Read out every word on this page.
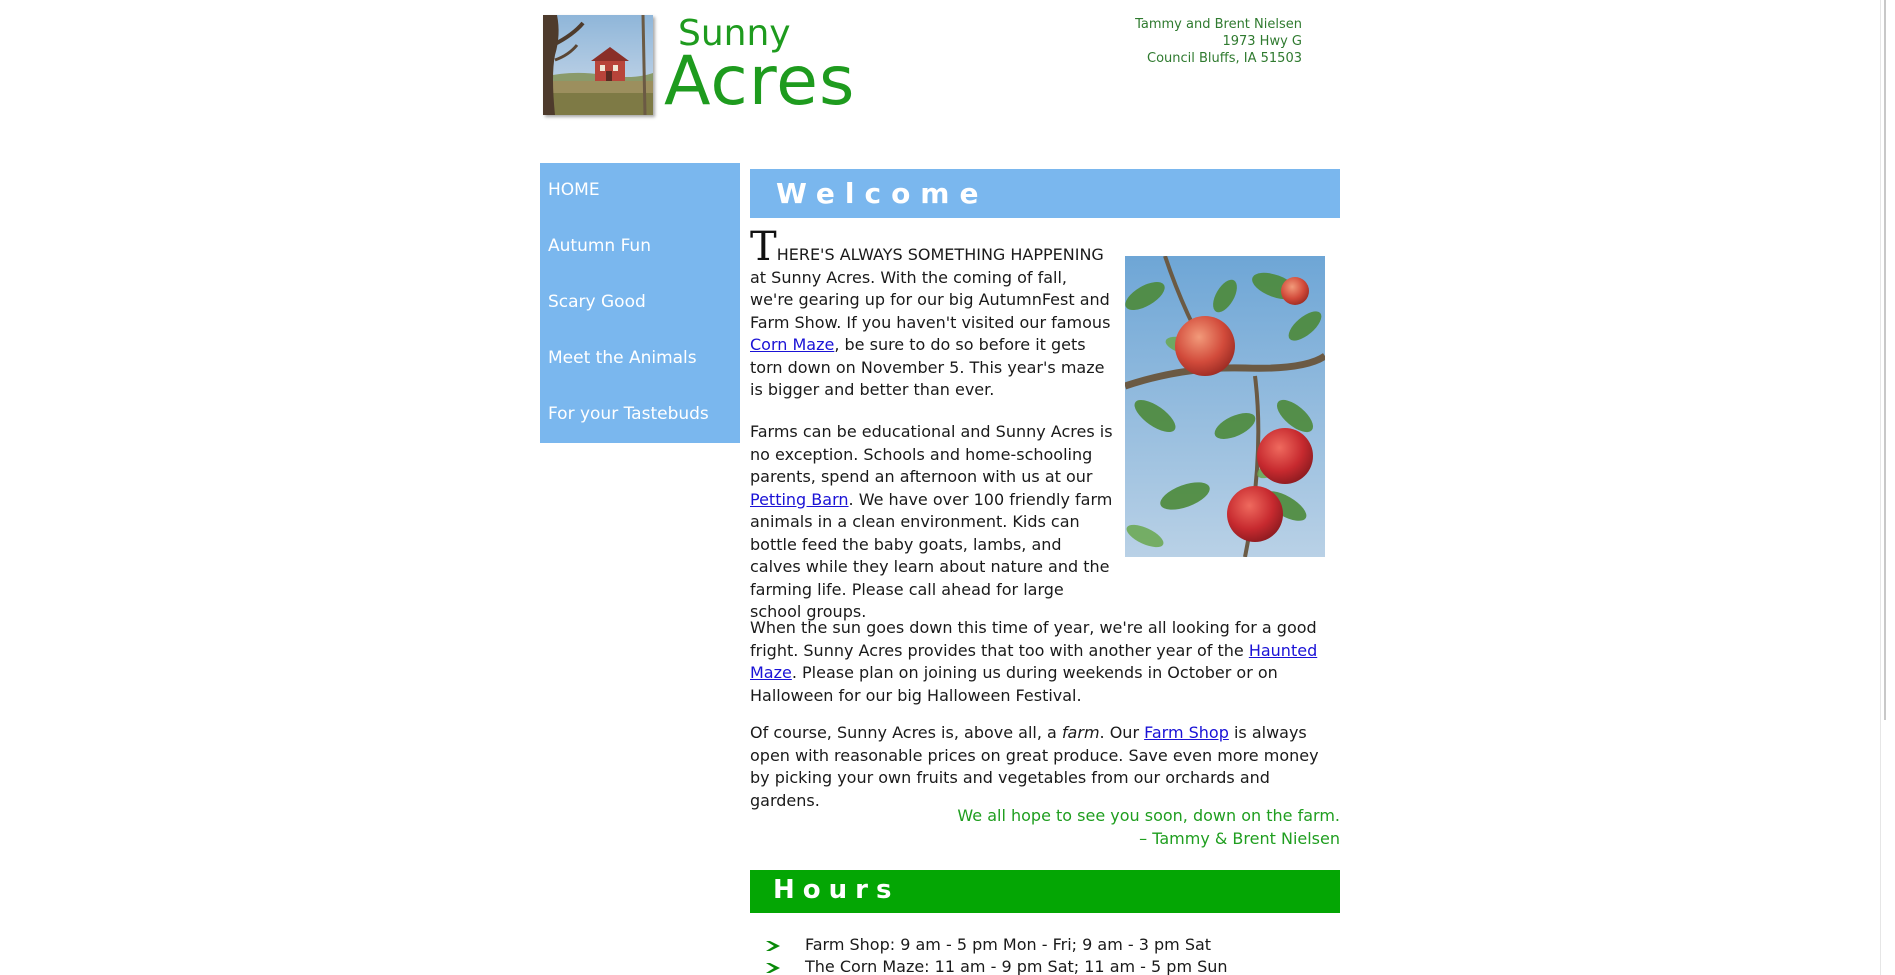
Sunny
Acres
Tammy and Brent Nielsen
1973 Hwy G
Council Bluffs, IA 51503
HOME
Autumn Fun
Scary Good
Meet the Animals
For your Tastebuds
Welcome
THERE'S ALWAYS SOMETHING HAPPENING at Sunny Acres. With the coming of fall, we're gearing up for our big AutumnFest and Farm Show. If you haven't visited our famous Corn Maze, be sure to do so before it gets torn down on November 5. This year's maze is bigger and better than ever.
Farms can be educational and Sunny Acres is no exception. Schools and home-schooling parents, spend an afternoon with us at our Petting Barn. We have over 100 friendly farm animals in a clean environment. Kids can bottle feed the baby goats, lambs, and calves while they learn about nature and the farming life. Please call ahead for large school groups.
When the sun goes down this time of year, we're all looking for a good fright. Sunny Acres provides that too with another year of the Haunted Maze. Please plan on joining us during weekends in October or on Halloween for our big Halloween Festival.
Of course, Sunny Acres is, above all, a farm. Our Farm Shop is always open with reasonable prices on great produce. Save even more money by picking your own fruits and vegetables from our orchards and gardens.
We all hope to see you soon, down on the farm.
– Tammy & Brent Nielsen
Hours
Farm Shop: 9 am - 5 pm Mon - Fri; 9 am - 3 pm Sat
The Corn Maze: 11 am - 9 pm Sat; 11 am - 5 pm Sun
